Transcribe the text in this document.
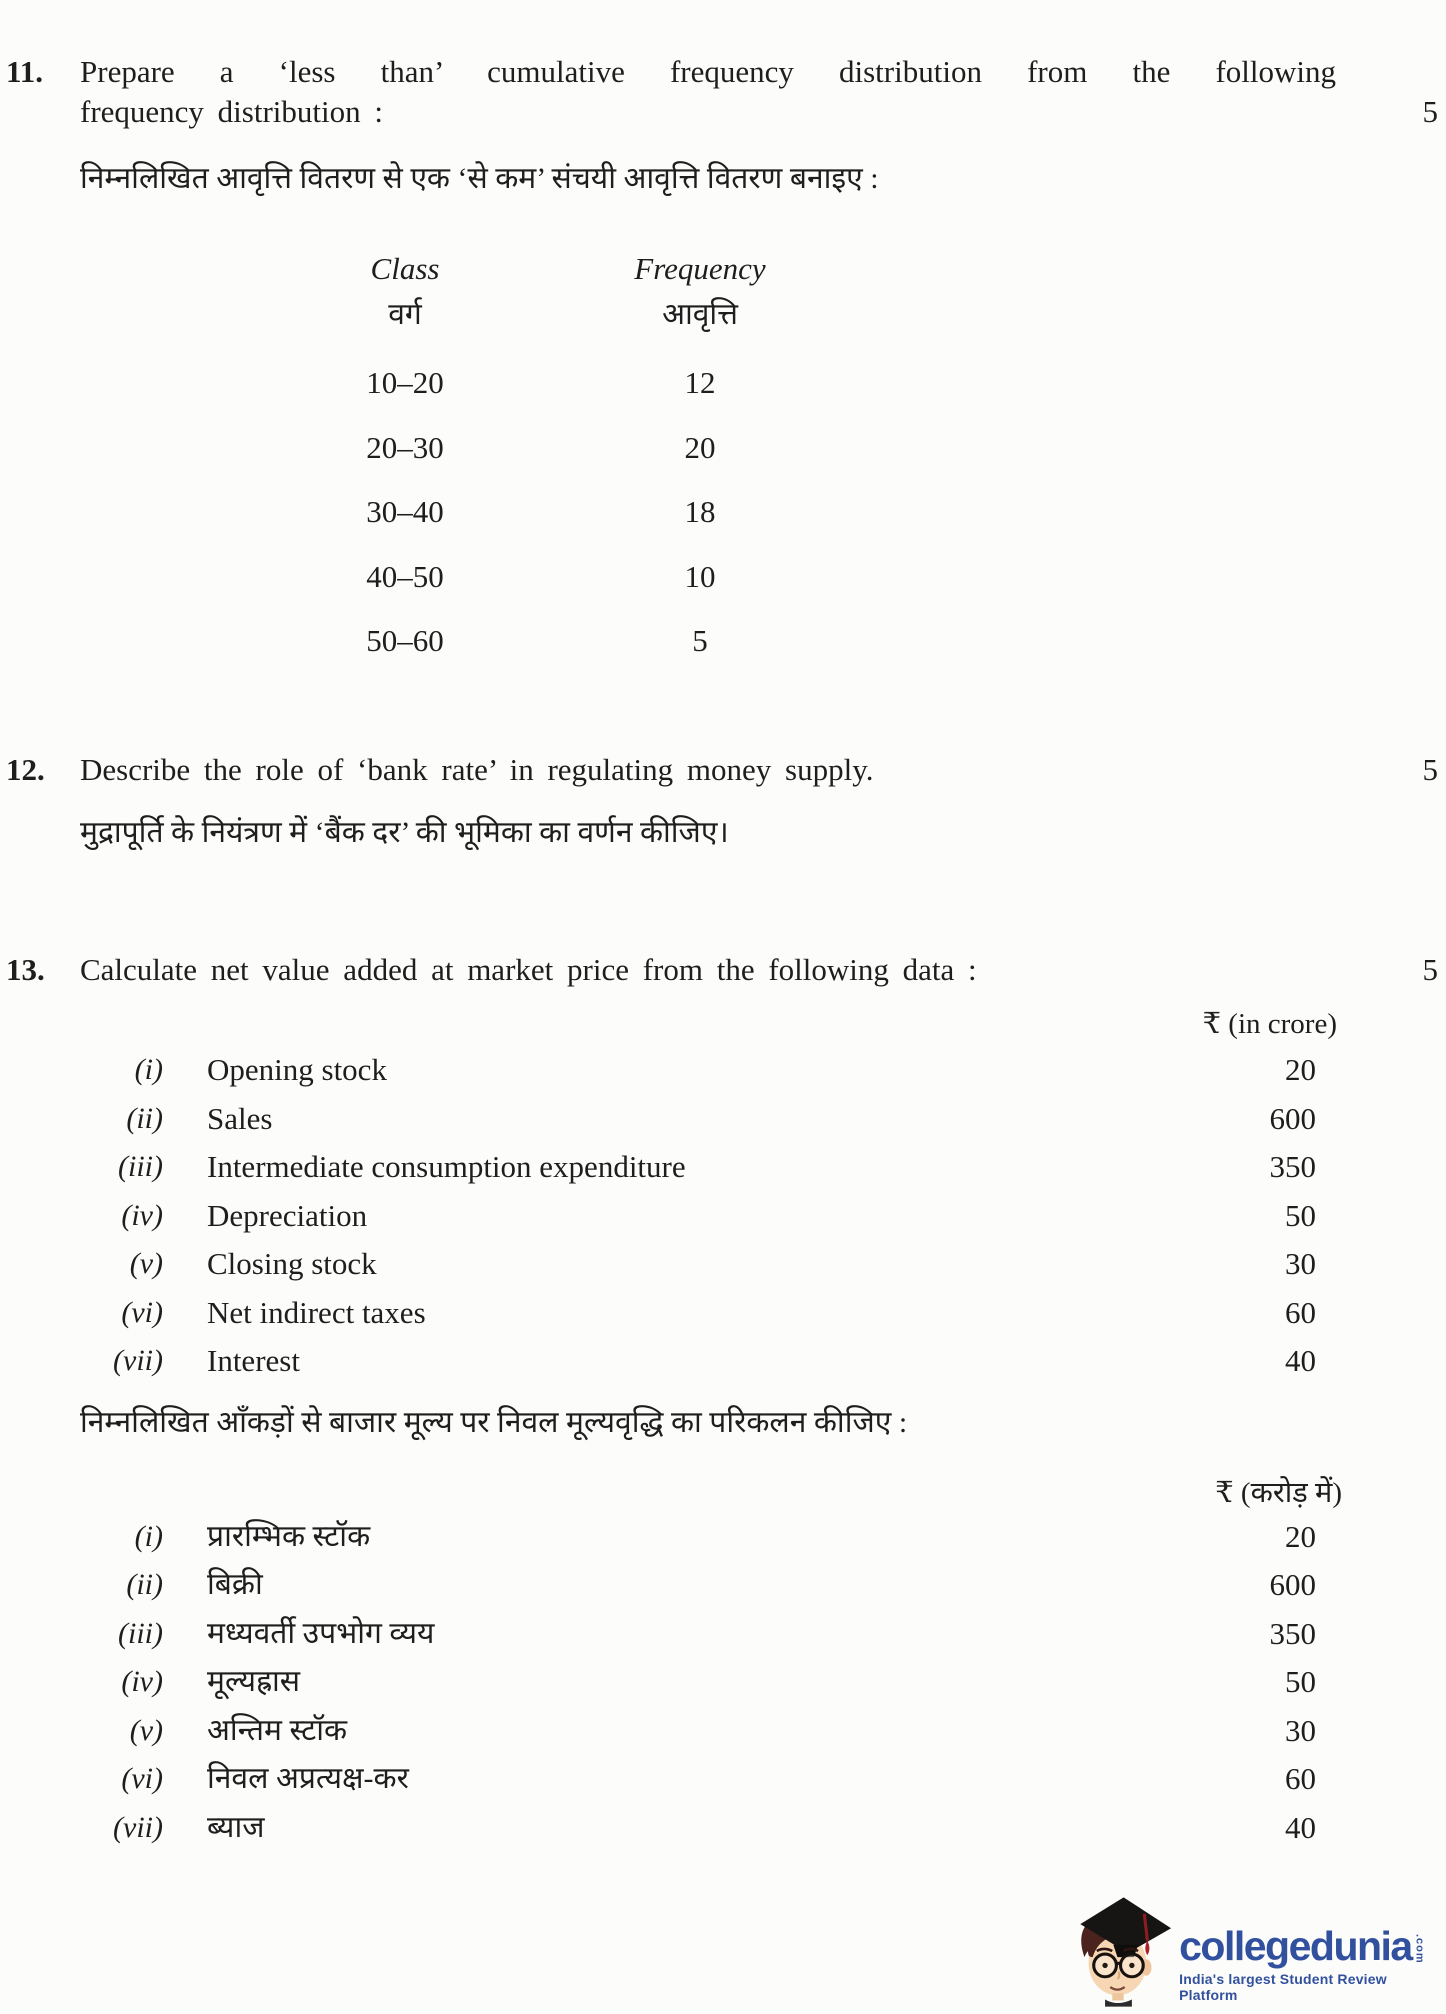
11. Prepare a ‘less than’ cumulative frequency distribution from the following
frequency distribution :	5
निम्नलिखित आवृत्ति वितरण से एक ‘से कम’ संचयी आवृत्ति वितरण बनाइए :
Class	Frequency
वर्ग	आवृत्ति
10–20	12
20–30	20
30–40	18
40–50	10
50–60	5
12. Describe the role of ‘bank rate’ in regulating money supply.	5
मुद्रापूर्ति के नियंत्रण में ‘बैंक दर’ की भूमिका का वर्णन कीजिए।
13. Calculate net value added at market price from the following data :	5
₹ (in crore)
(i) Opening stock	20
(ii) Sales	600
(iii) Intermediate consumption expenditure	350
(iv) Depreciation	50
(v) Closing stock	30
(vi) Net indirect taxes	60
(vii) Interest	40
निम्नलिखित आँकड़ों से बाजार मूल्य पर निवल मूल्यवृद्धि का परिकलन कीजिए :
₹ (करोड़ में)
(i) प्रारम्भिक स्टॉक	20
(ii) बिक्री	600
(iii) मध्यवर्ती उपभोग व्यय	350
(iv) मूल्यह्रास	50
(v) अन्तिम स्टॉक	30
(vi) निवल अप्रत्यक्ष-कर	60
(vii) ब्याज	40
collegedunia .com
India's largest Student Review Platform
